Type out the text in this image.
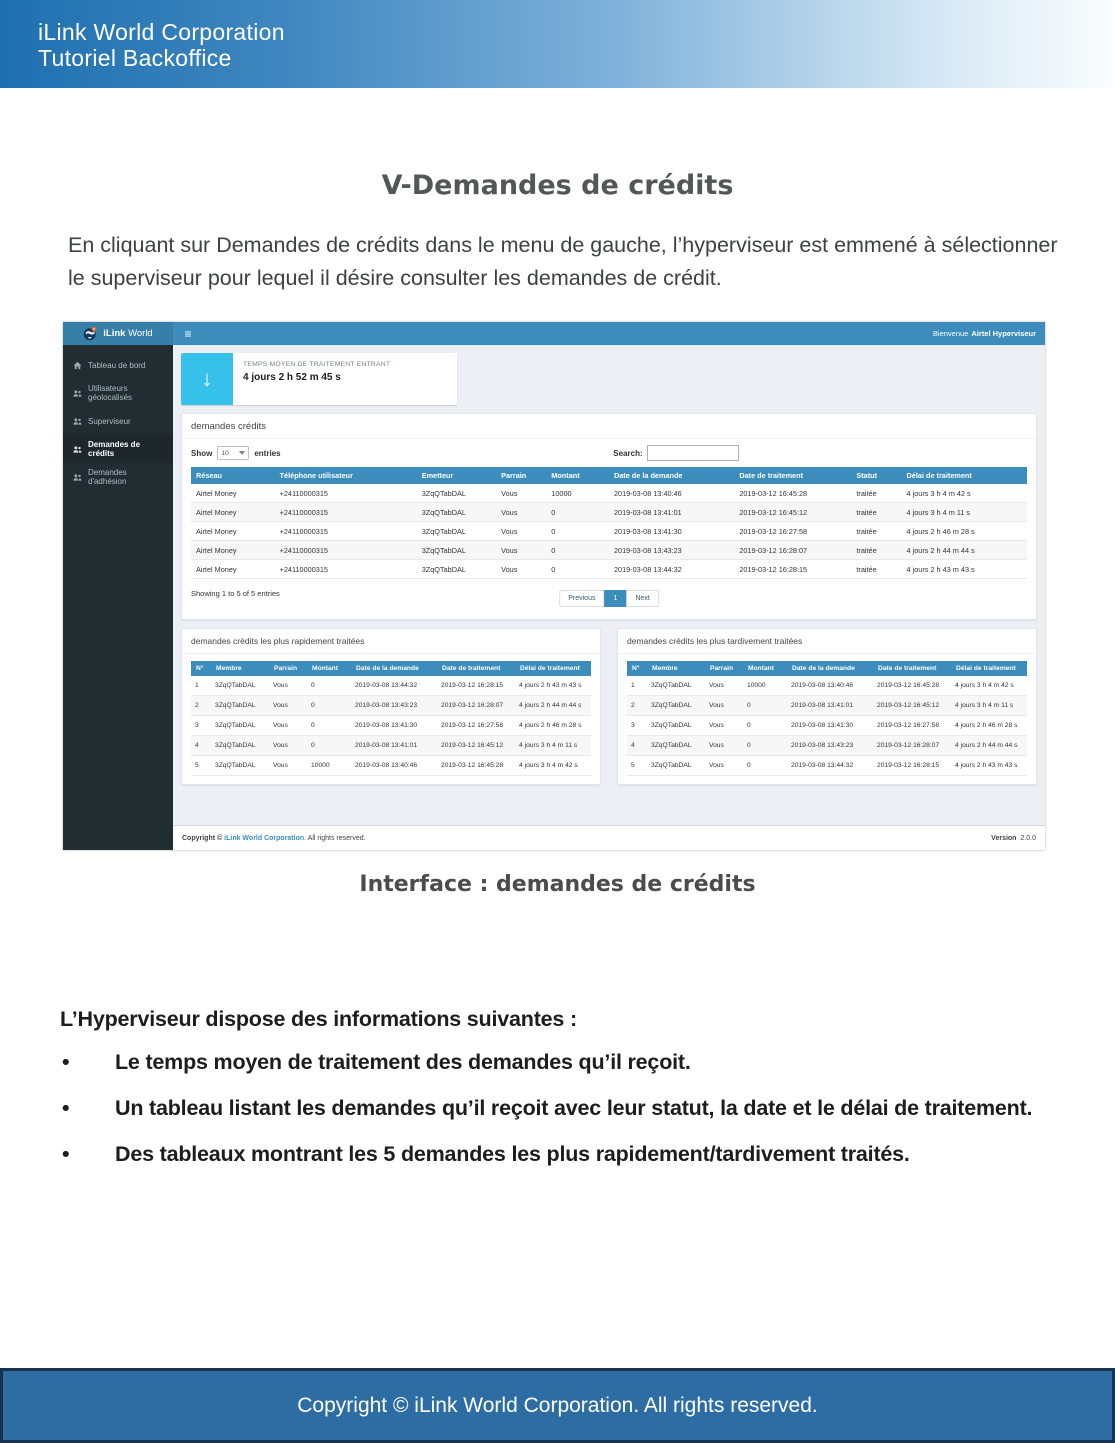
iLink World Corporation
Tutoriel Backoffice
V-Demandes de crédits

En cliquant sur Demandes de crédits dans le menu de gauche, l’hyperviseur est emmené à sélectionner le superviseur pour lequel il désire consulter les demandes de crédit.

iLink World	≡	Bienvenue Airtel Hyperviseur
Tableau de bord
Utilisateurs géolocalisés
Superviseur
Demandes de crédits
Demandes d'adhésion
↓
TEMPS MOYEN DE TRAITEMENT ENTRANT
4 jours 2 h 52 m 45 s
demandes crédits
Show 10	entries	Search:
Réseau	Téléphone utilisateur	Emetteur	Parrain	Montant	Date de la demande	Date de traitement	Statut	Délai de traitement
Airtel Money	+24110000315	3ZqQTabDAL	Vous	10000	2019-03-08 13:40:46	2019-03-12 16:45:28	traitée	4 jours 3 h 4 m 42 s
Airtel Money	+24110000315	3ZqQTabDAL	Vous	0	2019-03-08 13:41:01	2019-03-12 16:45:12	traitée	4 jours 3 h 4 m 11 s
Airtel Money	+24110000315	3ZqQTabDAL	Vous	0	2019-03-08 13:41:30	2019-03-12 16:27:58	traitée	4 jours 2 h 46 m 28 s
Airtel Money	+24110000315	3ZqQTabDAL	Vous	0	2019-03-08 13:43:23	2019-03-12 16:28:07	traitée	4 jours 2 h 44 m 44 s
Airtel Money	+24110000315	3ZqQTabDAL	Vous	0	2019-03-08 13:44:32	2019-03-12 16:28:15	traitée	4 jours 2 h 43 m 43 s
Showing 1 to 5 of 5 entries
Previous	1	Next
demandes crédits les plus rapidement traitées
N°	Membre	Parrain	Montant	Date de la demande	Date de traitement	Délai de traitement
1	3ZqQTabDAL	Vous	0	2019-03-08 13:44:32	2019-03-12 16:28:15	4 jours 2 h 43 m 43 s
2	3ZqQTabDAL	Vous	0	2019-03-08 13:43:23	2019-03-12 16:28:07	4 jours 2 h 44 m 44 s
3	3ZqQTabDAL	Vous	0	2019-03-08 13:41:30	2019-03-12 16:27:58	4 jours 2 h 46 m 28 s
4	3ZqQTabDAL	Vous	0	2019-03-08 13:41:01	2019-03-12 16:45:12	4 jours 3 h 4 m 11 s
5	3ZqQTabDAL	Vous	10000	2019-03-08 13:40:46	2019-03-12 16:45:28	4 jours 3 h 4 m 42 s
demandes crédits les plus tardivement traitées
N°	Membre	Parrain	Montant	Date de la demande	Date de traitement	Délai de traitement
1	3ZqQTabDAL	Vous	10000	2019-03-08 13:40:46	2019-03-12 16:45:28	4 jours 3 h 4 m 42 s
2	3ZqQTabDAL	Vous	0	2019-03-08 13:41:01	2019-03-12 16:45:12	4 jours 3 h 4 m 11 s
3	3ZqQTabDAL	Vous	0	2019-03-08 13:41:30	2019-03-12 16:27:58	4 jours 2 h 46 m 28 s
4	3ZqQTabDAL	Vous	0	2019-03-08 13:43:23	2019-03-12 16:28:07	4 jours 2 h 44 m 44 s
5	3ZqQTabDAL	Vous	0	2019-03-08 13:44:32	2019-03-12 16:28:15	4 jours 2 h 43 m 43 s
Copyright © iLink World Corporation . All rights reserved.	Version 2.0.0
Interface : demandes de crédits

L’Hyperviseur dispose des informations suivantes :

• Le temps moyen de traitement des demandes qu’il reçoit.
• Un tableau listant les demandes qu’il reçoit avec leur statut, la date et le délai de traitement.
• Des tableaux montrant les 5 demandes les plus rapidement/tardivement traités.
Copyright © iLink World Corporation. All rights reserved.
